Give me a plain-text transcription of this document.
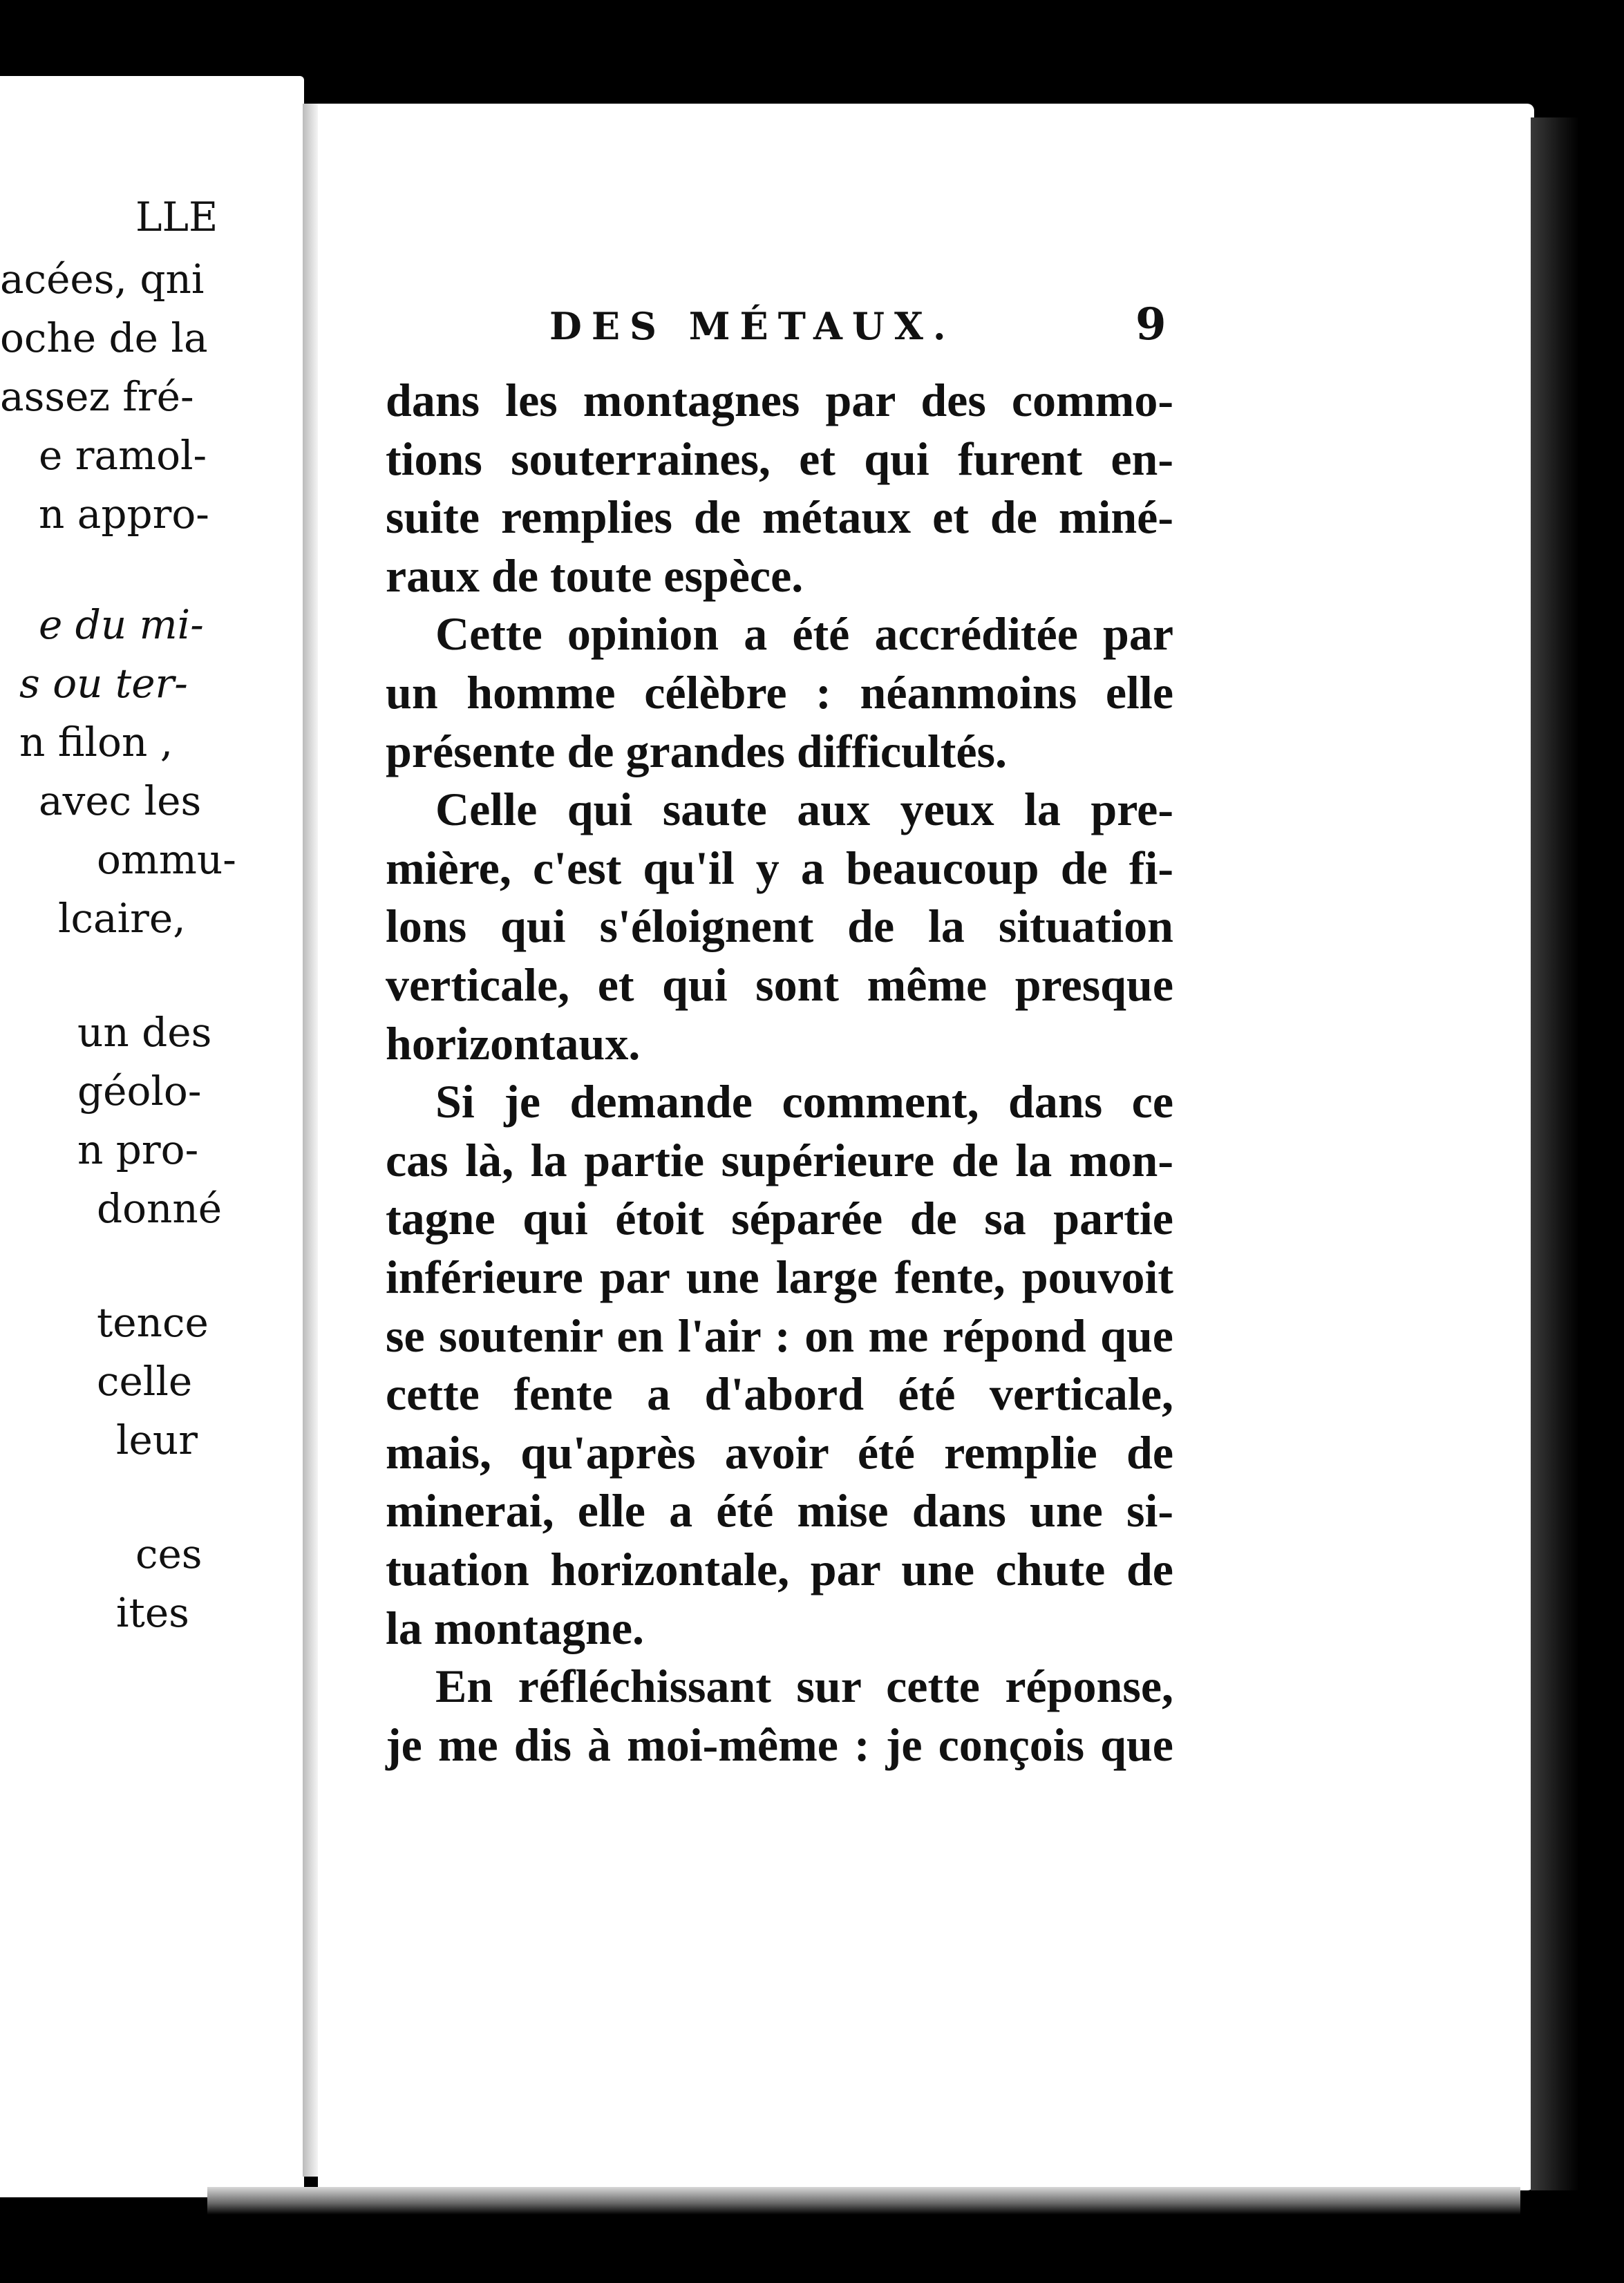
LLE
acées, qni
oche de la
assez fré-
e ramol-
n appro-
e du mi-
s ou ter-
n filon ,
avec les
ommu-
lcaire,
un des
géolo-
n pro-
donné
tence
celle
leur
ces
ites
DES MÉTAUX.	9
dans les montagnes par des commo-
tions souterraines, et qui furent en-
suite remplies de métaux et de miné-
raux de toute espèce.
Cette opinion a été accréditée par
un homme célèbre : néanmoins elle
présente de grandes difficultés.
Celle qui saute aux yeux la pre-
mière, c'est qu'il y a beaucoup de fi-
lons qui s'éloignent de la situation
verticale, et qui sont même presque
horizontaux.
Si je demande comment, dans ce
cas là, la partie supérieure de la mon-
tagne qui étoit séparée de sa partie
inférieure par une large fente, pouvoit
se soutenir en l'air : on me répond que
cette fente a d'abord été verticale,
mais, qu'après avoir été remplie de
minerai, elle a été mise dans une si-
tuation horizontale, par une chute de
la montagne.
En réfléchissant sur cette réponse,
je me dis à moi-même : je conçois que
